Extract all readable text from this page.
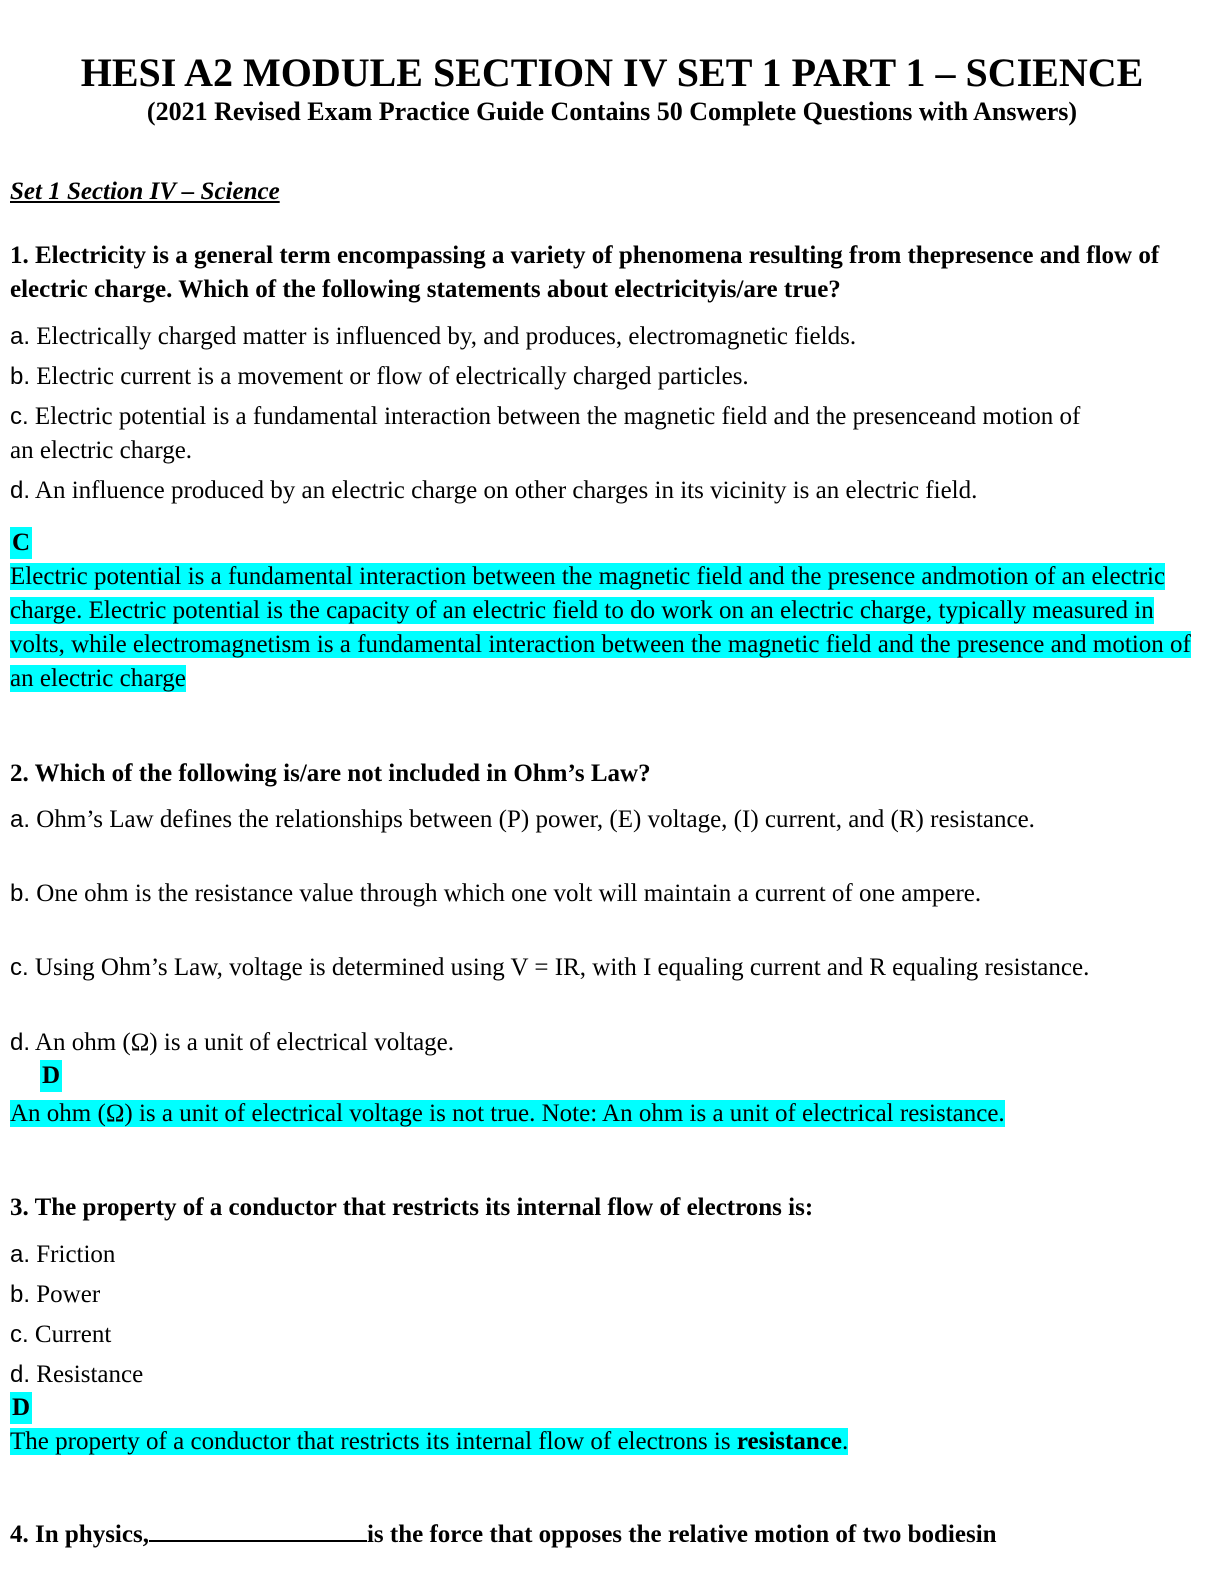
HESI A2 MODULE SECTION IV SET 1 PART 1 – SCIENCE
(2021 Revised Exam Practice Guide Contains 50 Complete Questions with Answers)
Set 1 Section IV – Science
1. Electricity is a general term encompassing a variety of phenomena resulting from thepresence and flow of electric charge. Which of the following statements about electricityis/are true?
a. Electrically charged matter is influenced by, and produces, electromagnetic fields.
b. Electric current is a movement or flow of electrically charged particles.
c. Electric potential is a fundamental interaction between the magnetic field and the presenceand motion of an electric charge.
d. An influence produced by an electric charge on other charges in its vicinity is an electric field.
C
Electric potential is a fundamental interaction between the magnetic field and the presence andmotion of an electric charge. Electric potential is the capacity of an electric field to do work on an electric charge, typically measured in volts, while electromagnetism is a fundamental interaction between the magnetic field and the presence and motion of an electric charge
2. Which of the following is/are not included in Ohm’s Law?
a. Ohm’s Law defines the relationships between (P) power, (E) voltage, (I) current, and (R) resistance.
b. One ohm is the resistance value through which one volt will maintain a current of one ampere.
c. Using Ohm’s Law, voltage is determined using V = IR, with I equaling current and R equaling resistance.
d. An ohm (Ω) is a unit of electrical voltage.
D
An ohm (Ω) is a unit of electrical voltage is not true. Note: An ohm is a unit of electrical resistance.
3. The property of a conductor that restricts its internal flow of electrons is:
a. Friction
b. Power
c. Current
d. Resistance
D
The property of a conductor that restricts its internal flow of electrons is resistance.
4. In physics,	is the force that opposes the relative motion of two bodiesin
